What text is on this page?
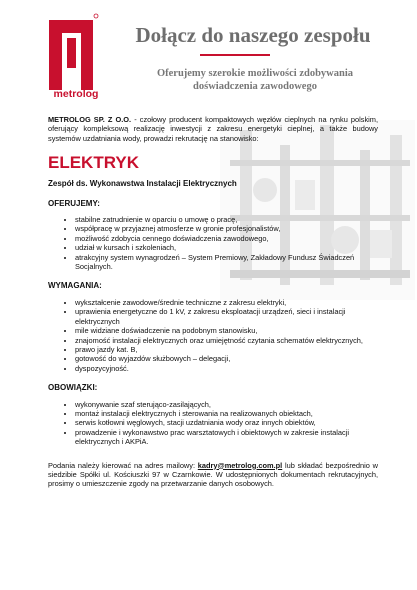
metrolog
Dołącz do naszego zespołu
Oferujemy szerokie możliwości zdobywania
doświadczenia zawodowego

METROLOG SP. Z O.O. - czołowy producent kompaktowych węzłów cieplnych na rynku polskim, oferujący kompleksową realizację inwestycji z zakresu energetyki cieplnej, a także budowy systemów uzdatniania wody, prowadzi rekrutację na stanowisko:

ELEKTRYK
Zespół ds. Wykonawstwa Instalacji Elektrycznych
OFERUJEMY:
• stabilne zatrudnienie w oparciu o umowę o pracę,
• współpracę w przyjaznej atmosferze w gronie profesjonalistów,
• możliwość zdobycia cennego doświadczenia zawodowego,
• udział w kursach i szkoleniach,
• atrakcyjny system wynagrodzeń – System Premiowy, Zakładowy Fundusz Świadczeń Socjalnych.
WYMAGANIA:
• wykształcenie zawodowe/średnie techniczne z zakresu elektryki,
• uprawienia energetyczne do 1 kV, z zakresu eksploatacji urządzeń, sieci i instalacji elektrycznych
• mile widziane doświadczenie na podobnym stanowisku,
• znajomość instalacji elektrycznych oraz umiejętność czytania schematów elektrycznych,
• prawo jazdy kat. B,
• gotowość do wyjazdów służbowych – delegacji,
• dyspozycyjność.
OBOWIĄZKI:
• wykonywanie szaf sterująco-zasilających,
• montaż instalacji elektrycznych i sterowania na realizowanych obiektach,
• serwis kotłowni węglowych, stacji uzdatniania wody oraz innych obiektów,
• prowadzenie i wykonawstwo prac warsztatowych i obiektowych w zakresie instalacji elektrycznych i AKPiA.

Podania należy kierować na adres mailowy: kadry@metrolog.com.pl lub składać bezpośrednio w siedzibie Spółki ul. Kościuszki 97 w Czarnkowie. W udostępnionych dokumentach rekrutacyjnych, prosimy o umieszczenie zgody na przetwarzanie danych osobowych.
